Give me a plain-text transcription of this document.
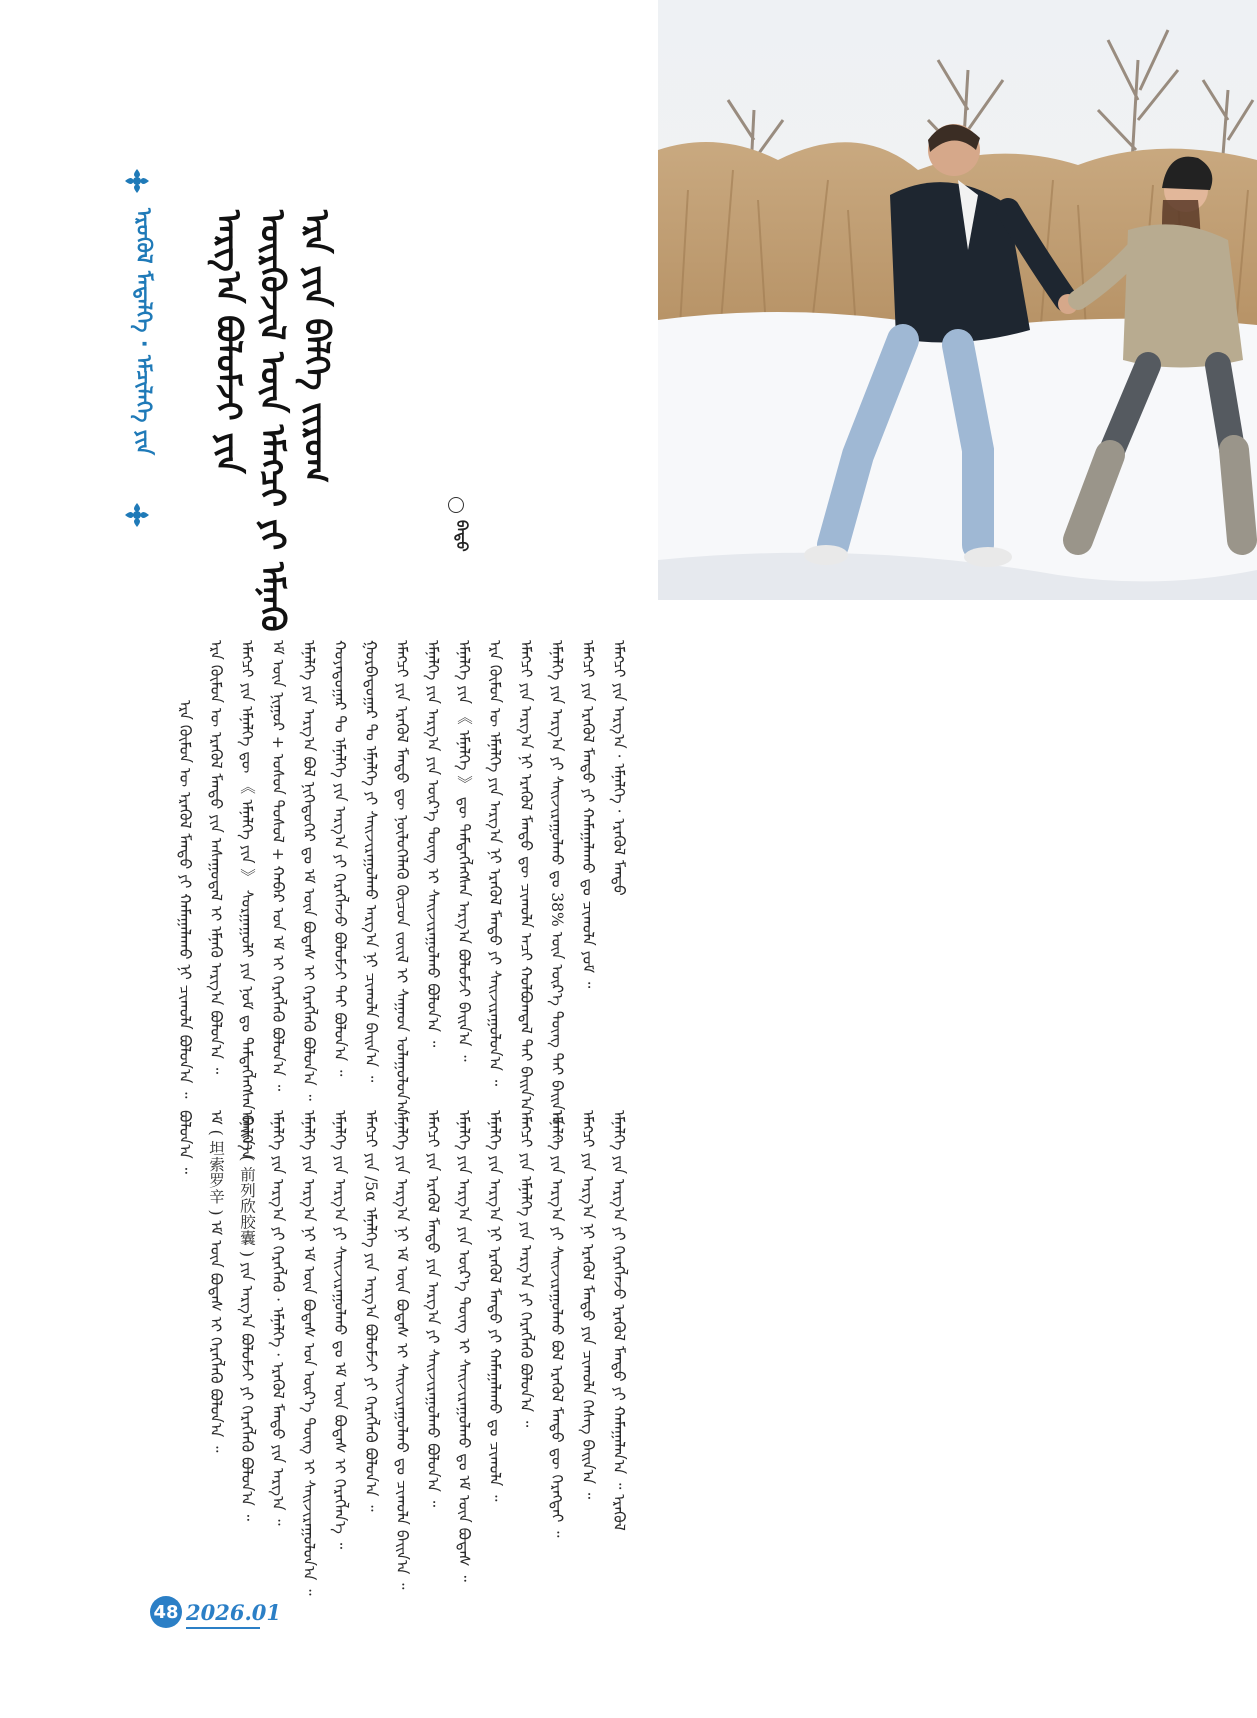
ᠡᠷᠦᠬᠦᠯ ᠮᠡᠳᠡᠯᠭᠡ · ᠡᠮᠴᠢᠯᠡᠭᠡ ᠶᠢᠨ	ᠡᠷᠡ ᠶᠢᠨ ᠪᠡᠯᠭᠡ ᠵᠢᠷᠤᠭ
ᠦᠷᠭᠦᠵᠢᠯ ᠦᠨ ᠡᠮᠡᠭᠴᠢ ᠶᠢ ᠡᠮᠨᠡᠬᠦ
ᠠᠷᠭ᠎ᠠ ᠪᠣᠯᠣᠮᠵᠢ ᠶᠢᠨ
ᠪᠠᠲᠤ
ᠡᠷᠡ ᠬᠦᠮᠦᠨ ᠦ ᠡᠷᠡᠬᠦᠯ ᠮᠡᠨᠳᠦ ᠶᠢ ᠬᠠᠮᠠᠭᠠᠯᠠᠬᠤ ᠨᠢ ᠴᠢᠬᠤᠯᠠ ᠪᠣᠯᠤᠨ᠎ᠠ ᠃ ᠡᠷᠡ ᠬᠦᠮᠦᠨ ᠦ ᠡᠷᠡᠬᠦᠯ ᠮᠡᠨᠳᠦ ᠶᠢᠨ ᠠᠰᠠᠭᠤᠳᠠᠯ ᠢ ᠡᠮᠨᠡᠬᠦ ᠠᠷᠭ᠎ᠠ ᠪᠣᠯᠤᠨ᠎ᠠ ᠃ ᠡᠮᠡᠭᠴᠢ ᠶᠢᠨ ᠡᠮᠨᠡᠯᠭᠡ ᠳᠦ 《 ᠡᠮᠨᠡᠯᠭᠡ ᠶᠢᠨ 》 ᠰᠤᠷᠭᠠᠭᠤᠯᠢ ᠶᠢᠨ ᠨᠣᠮ ᠳᠤ ᠲᠡᠮᠳᠡᠭᠯᠡᠭᠰᠡᠨ ᠪᠠᠢᠨ᠎ᠠ ᠡᠮ ᠦᠨ ᠨᠢᠭᠤᠷ + ᠤᠰᠤᠨ ᠳᠤᠰᠤᠯ + ᠬᠠᠪᠠᠷ ᠤᠨ ᠡᠮ ᠢ ᠬᠡᠷᠡᠭᠯᠡᠬᠦ ᠪᠣᠯᠤᠨ᠎ᠠ ᠃ ᠡᠮᠨᠡᠯᠭᠡ ᠶᠢᠨ ᠠᠷᠭ᠎ᠠ ᠪᠣᠯ ᠨᠢᠭᠡᠳᠦᠭᠡᠷ ᠳᠤ ᠡᠮ ᠦᠨ ᠪᠣᠳᠠᠰ ᠢ ᠬᠡᠷᠡᠭᠯᠡᠬᠦ ᠪᠣᠯᠤᠨ᠎ᠠ ᠃ ᠬᠣᠶᠠᠳᠤᠭᠠᠷ ᠲᠤ ᠡᠮᠨᠡᠯᠭᠡ ᠶᠢᠨ ᠠᠷᠭ᠎ᠠ ᠶᠢ ᠬᠡᠷᠡᠭᠯᠡᠵᠦ ᠪᠣᠯᠣᠮᠵᠢ ᠲᠠᠢ ᠪᠣᠯᠤᠨ᠎ᠠ ᠃ ᠭᠤᠷᠪᠠᠳᠤᠭᠠᠷ ᠲᠤ ᠡᠮᠨᠡᠯᠭᠡ ᠶᠢ ᠰᠠᠢᠵᠢᠷᠠᠭᠤᠯᠬᠤ ᠠᠷᠭ᠎ᠠ ᠨᠢ ᠴᠢᠬᠤᠯᠠ ᠪᠠᠢᠨ᠎ᠠ ᠃ ᠡᠮᠡᠭᠴᠢ ᠶᠢᠨ ᠡᠷᠡᠬᠦᠯ ᠮᠡᠨᠳᠦ ᠳᠦ ᠨᠥᠯᠦᠭᠡᠯᠡᠬᠦ ᠬᠦᠴᠦᠨ ᠵᠦᠢᠯ ᠢ ᠰᠠᠭᠠᠳ ᠤᠯᠠᠭᠤᠯᠤᠨ᠎ᠠ ᠃ ᠡᠮᠨᠡᠯᠭᠡ ᠶᠢᠨ ᠠᠷᠭ᠎ᠠ ᠶᠢᠨ ᠦᠷ᠎ᠡ ᠳᠦᠩ ᠢ ᠰᠠᠢᠵᠢᠷᠠᠭᠤᠯᠬᠤ ᠪᠣᠯᠤᠨ᠎ᠠ ᠃ ᠡᠮᠨᠡᠯᠭᠡ ᠶᠢᠨ 《 ᠡᠮᠨᠡᠯᠭᠡ 》 ᠳᠦ ᠲᠡᠮᠳᠡᠭᠯᠡᠭᠰᠡᠨ ᠠᠷᠭ᠎ᠠ ᠪᠣᠯᠣᠮᠵᠢ ᠪᠠᠢᠨ᠎ᠠ ᠃ ᠡᠷᠡ ᠬᠦᠮᠦᠨ ᠦ ᠡᠮᠨᠡᠯᠭᠡ ᠶᠢᠨ ᠠᠷᠭ᠎ᠠ ᠨᠢ ᠡᠷᠡᠬᠦᠯ ᠮᠡᠨᠳᠦ ᠶᠢ ᠰᠠᠢᠵᠢᠷᠠᠭᠤᠯᠤᠨ᠎ᠠ ᠃ ᠡᠮᠡᠭᠴᠢ ᠶᠢᠨ ᠠᠷᠭ᠎ᠠ ᠨᠢ ᠡᠷᠡᠬᠦᠯ ᠮᠡᠨᠳᠦ ᠳᠦ ᠴᠢᠬᠤᠯᠠ ᠠᠴᠢ ᠬᠣᠯᠪᠣᠭᠳᠠᠯ ᠲᠠᠢ ᠪᠠᠢᠨ᠎ᠠ ᠃ ᠡᠮᠨᠡᠯᠭᠡ ᠶᠢᠨ ᠠᠷᠭ᠎ᠠ ᠶᠢ ᠰᠠᠢᠵᠢᠷᠠᠭᠤᠯᠬᠤ ᠳᠤ 38% ᠦᠨ ᠦᠷ᠎ᠡ ᠳᠦᠩ ᠲᠠᠢ ᠪᠠᠢᠨ᠎ᠠ ᠃ ᠡᠮᠡᠭᠴᠢ ᠶᠢᠨ ᠡᠷᠡᠬᠦᠯ ᠮᠡᠨᠳᠦ ᠶᠢ ᠬᠠᠮᠠᠭᠠᠯᠠᠬᠤ ᠳᠤ ᠴᠢᠬᠤᠯᠠ ᠶᠤᠮ ᠃ ᠡᠮᠡᠭᠴᠢ ᠶᠢᠨ ᠠᠷᠭ᠎ᠠ · ᠡᠮᠨᠡᠯᠭᠡ · ᠡᠷᠡᠬᠦᠯ ᠮᠡᠨᠳᠦ
ᠪᠣᠯᠤᠨ᠎ᠠ ᠃ ᠡᠮ ( 坦索罗辛 ) ᠡᠮ ᠦᠨ ᠪᠣᠳᠠᠰ ᠢ ᠬᠡᠷᠡᠭᠯᠡᠬᠦ ᠪᠣᠯᠤᠨ᠎ᠠ ᠃ ᠡᠮᠨᠡᠯᠭᠡ ( 前列欣胶囊 ) ᠶᠢᠨ ᠠᠷᠭ᠎ᠠ ᠪᠣᠯᠣᠮᠵᠢ ᠶᠢ ᠬᠡᠷᠡᠭᠯᠡᠬᠦ ᠪᠣᠯᠤᠨ᠎ᠠ ᠃ ᠡᠮᠨᠡᠯᠭᠡ ᠶᠢᠨ ᠠᠷᠭ᠎ᠠ ᠶᠢ ᠬᠡᠷᠡᠭᠯᠡᠬᠦ · ᠡᠮᠨᠡᠯᠭᠡ · ᠡᠷᠡᠬᠦᠯ ᠮᠡᠨᠳᠦ ᠶᠢᠨ ᠠᠷᠭ᠎ᠠ ᠃ ᠡᠮᠨᠡᠯᠭᠡ ᠶᠢᠨ ᠠᠷᠭ᠎ᠠ ᠨᠢ ᠡᠮ ᠦᠨ ᠪᠣᠳᠠᠰ ᠤᠨ ᠦᠷ᠎ᠡ ᠳᠦᠩ ᠢ ᠰᠠᠢᠵᠢᠷᠠᠭᠤᠯᠤᠨ᠎ᠠ ᠃ ᠡᠮᠨᠡᠯᠭᠡ ᠶᠢᠨ ᠠᠷᠭ᠎ᠠ ᠶᠢ ᠰᠠᠢᠵᠢᠷᠠᠭᠤᠯᠬᠤ ᠳᠤ ᠡᠮ ᠦᠨ ᠪᠣᠳᠠᠰ ᠢ ᠬᠡᠷᠡᠭᠯᠡᠨ᠎ᠡ ᠃ ᠡᠮᠡᠭᠴᠢ ᠶᠢᠨ /5α ᠡᠮᠨᠡᠯᠭᠡ ᠶᠢᠨ ᠠᠷᠭ᠎ᠠ ᠪᠣᠯᠣᠮᠵᠢ ᠶᠢ ᠬᠡᠷᠡᠭᠯᠡᠬᠦ ᠪᠣᠯᠤᠨ᠎ᠠ ᠃ ᠡᠮᠨᠡᠯᠭᠡ ᠶᠢᠨ ᠠᠷᠭ᠎ᠠ ᠨᠢ ᠡᠮ ᠦᠨ ᠪᠣᠳᠠᠰ ᠢ ᠰᠠᠢᠵᠢᠷᠠᠭᠤᠯᠬᠤ ᠳᠤ ᠴᠢᠬᠤᠯᠠ ᠪᠠᠢᠨ᠎ᠠ ᠃ ᠡᠮᠡᠭᠴᠢ ᠶᠢᠨ ᠡᠷᠡᠬᠦᠯ ᠮᠡᠨᠳᠦ ᠶᠢᠨ ᠠᠷᠭ᠎ᠠ ᠶᠢ ᠰᠠᠢᠵᠢᠷᠠᠭᠤᠯᠬᠤ ᠪᠣᠯᠤᠨ᠎ᠠ ᠃ ᠡᠮᠨᠡᠯᠭᠡ ᠶᠢᠨ ᠠᠷᠭ᠎ᠠ ᠶᠢᠨ ᠦᠷ᠎ᠡ ᠳᠦᠩ ᠢ ᠰᠠᠢᠵᠢᠷᠠᠭᠤᠯᠬᠤ ᠳᠤ ᠡᠮ ᠦᠨ ᠪᠣᠳᠠᠰ ᠃ ᠡᠮᠨᠡᠯᠭᠡ ᠶᠢᠨ ᠠᠷᠭ᠎ᠠ ᠨᠢ ᠡᠷᠡᠬᠦᠯ ᠮᠡᠨᠳᠦ ᠶᠢ ᠬᠠᠮᠠᠭᠠᠯᠠᠬᠤ ᠳᠤ ᠴᠢᠬᠤᠯᠠ ᠃ ᠡᠮᠡᠭᠴᠢ ᠶᠢᠨ ᠡᠮᠨᠡᠯᠭᠡ ᠶᠢᠨ ᠠᠷᠭ᠎ᠠ ᠶᠢ ᠬᠡᠷᠡᠭᠯᠡᠬᠦ ᠪᠣᠯᠤᠨ᠎ᠠ ᠃ ᠡᠮᠨᠡᠯᠭᠡ ᠶᠢᠨ ᠠᠷᠭ᠎ᠠ ᠶᠢ ᠰᠠᠢᠵᠢᠷᠠᠭᠤᠯᠬᠤ ᠪᠣᠯ ᠡᠷᠡᠬᠦᠯ ᠮᠡᠨᠳᠦ ᠳᠦ ᠬᠡᠷᠡᠭᠲᠡᠢ ᠃ ᠡᠮᠡᠭᠴᠢ ᠶᠢᠨ ᠠᠷᠭ᠎ᠠ ᠨᠢ ᠡᠷᠡᠬᠦᠯ ᠮᠡᠨᠳᠦ ᠶᠢᠨ ᠴᠢᠬᠤᠯᠠ ᠬᠡᠰᠡᠭ ᠪᠠᠢᠨ᠎ᠠ ᠃ ᠡᠮᠨᠡᠯᠭᠡ ᠶᠢᠨ ᠠᠷᠭ᠎ᠠ ᠶᠢ ᠬᠡᠷᠡᠭᠯᠡᠵᠦ ᠡᠷᠡᠬᠦᠯ ᠮᠡᠨᠳᠦ ᠶᠢ ᠬᠠᠮᠠᠭᠠᠯᠠᠨ᠎ᠠ ᠃ ᠡᠷᠡᠬᠦᠯ
48 2026.01
